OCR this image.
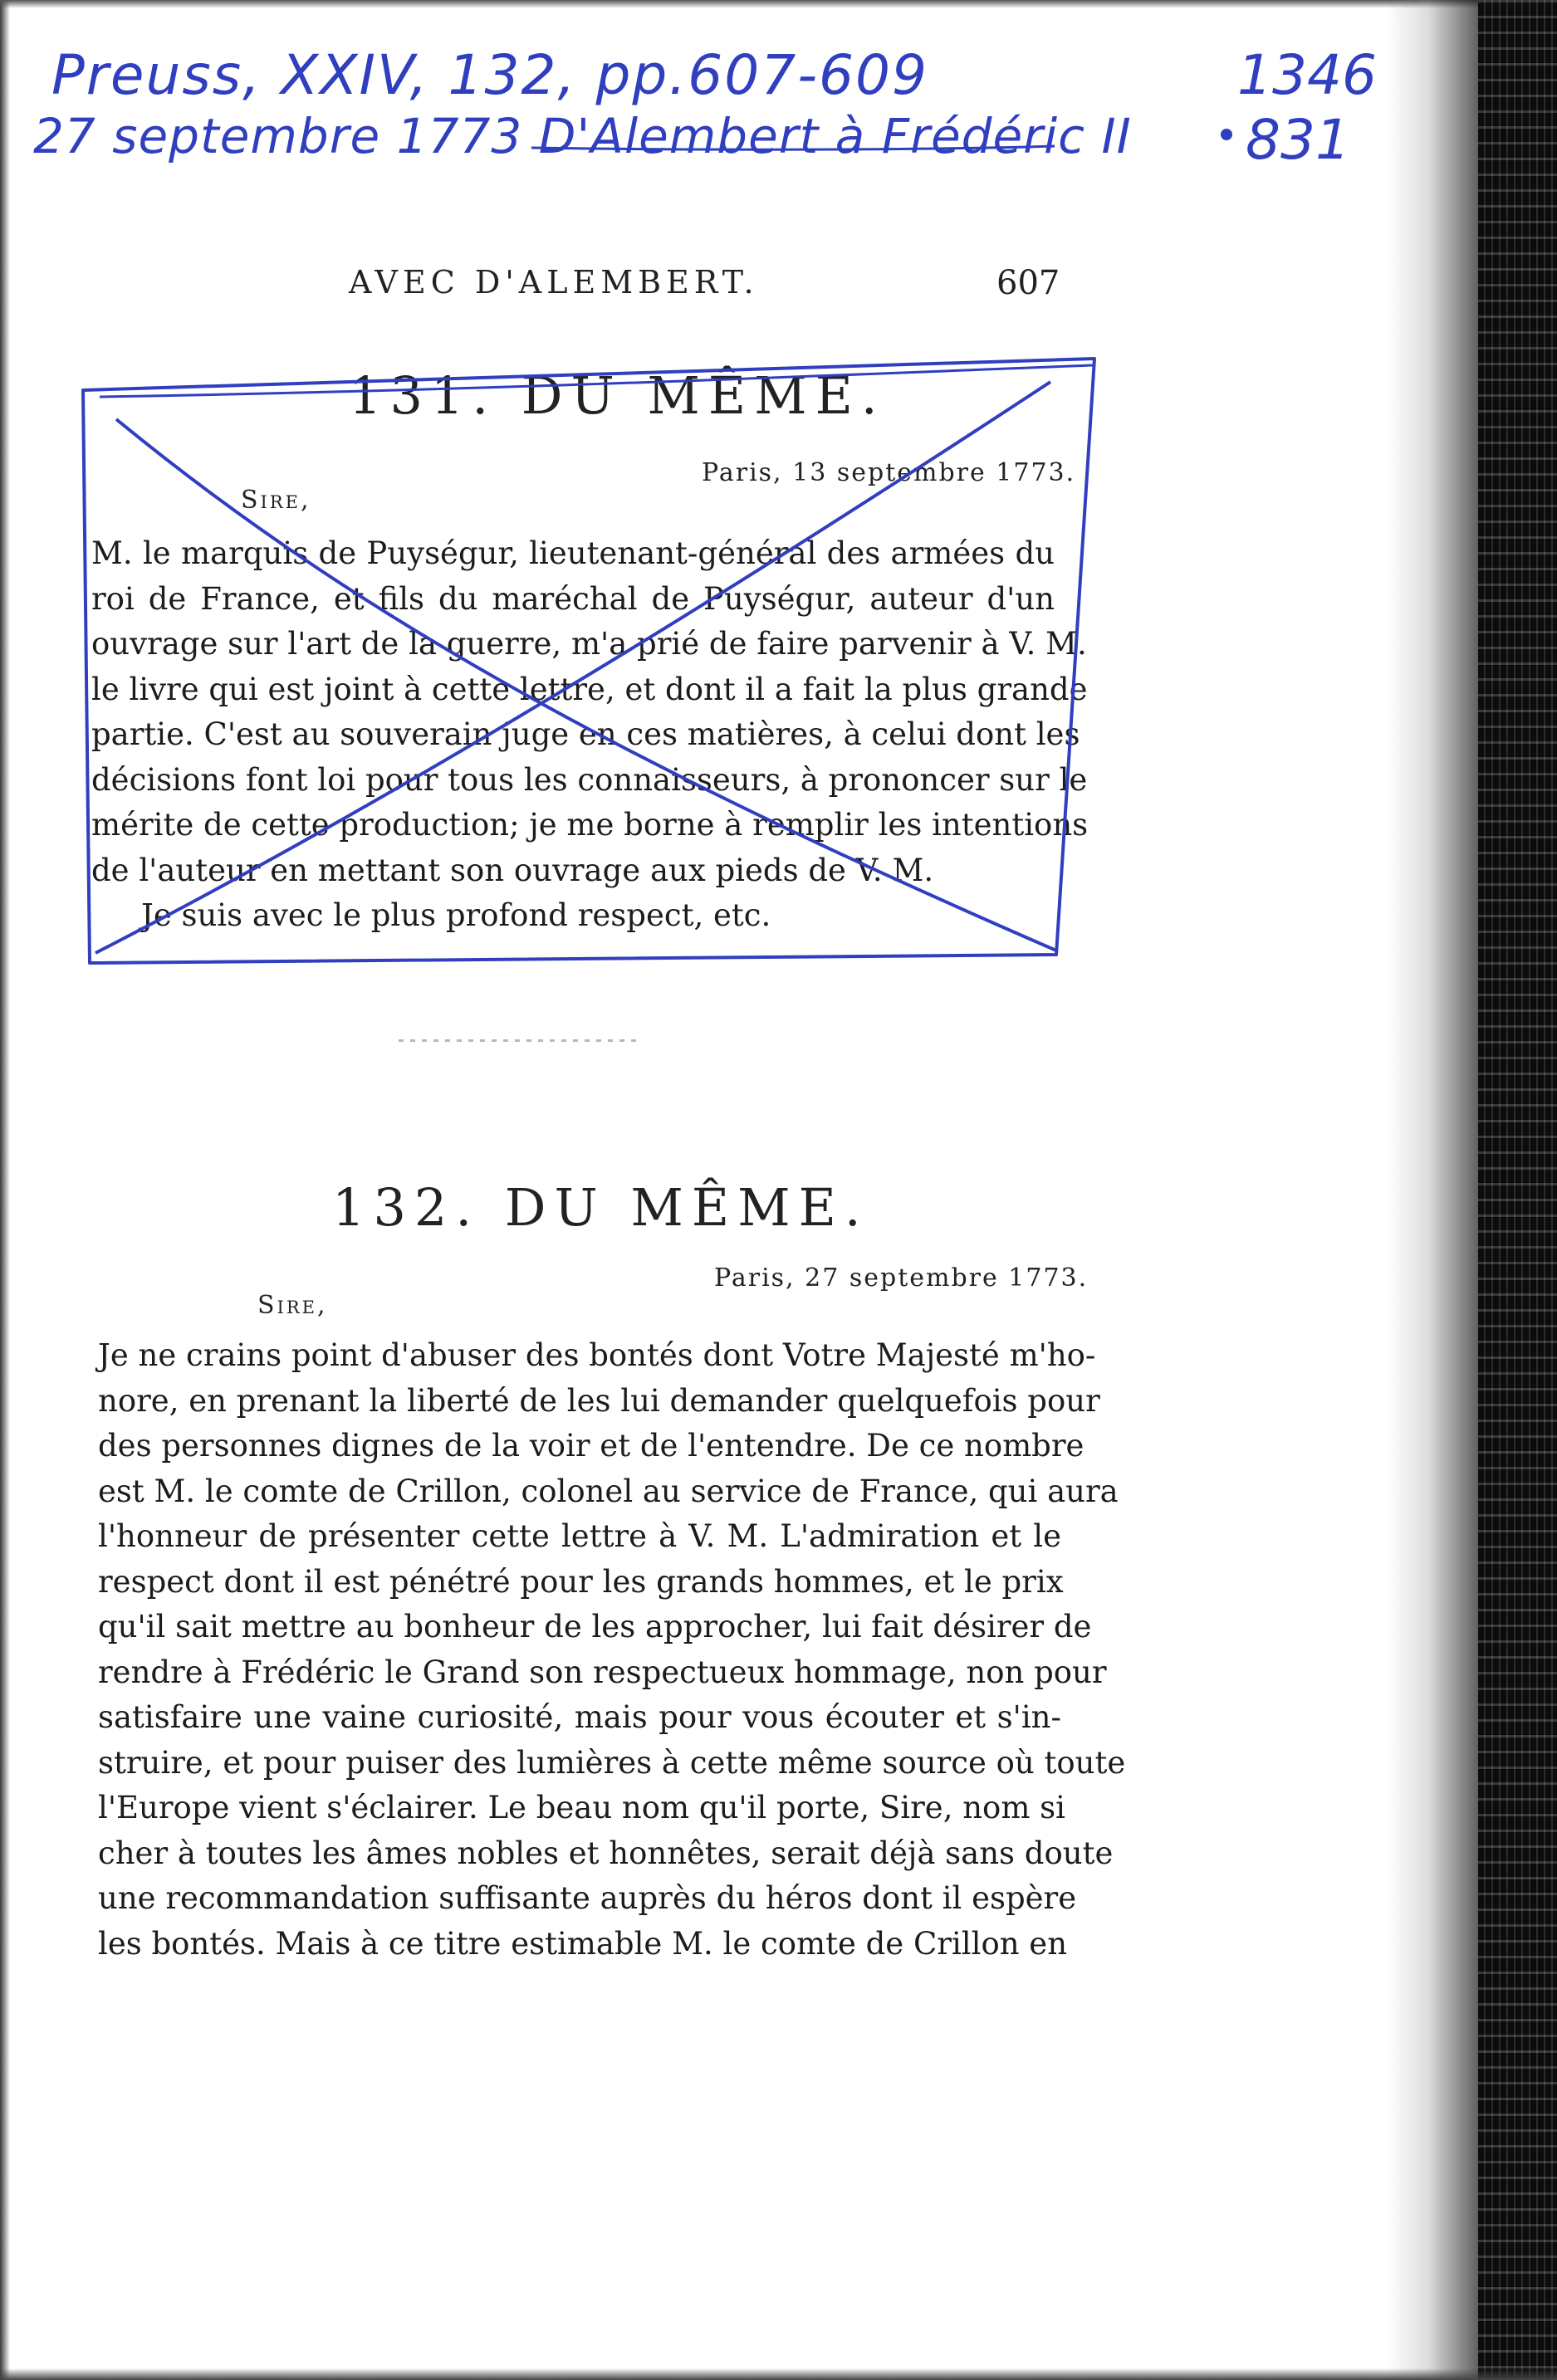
Preuss, XXIV, 132, pp.607-609
27 septembre 1773 D'Alembert à Frédéric II
1346
831
AVEC D'ALEMBERT.	607
131. DU MÊME.
Paris, 13 septembre 1773.
Sire,
M. le marquis de Puységur, lieutenant-général des armées du
roi de France, et fils du maréchal de Puységur, auteur d'un
ouvrage sur l'art de la guerre, m'a prié de faire parvenir à V. M.
le livre qui est joint à cette lettre, et dont il a fait la plus grande
partie. C'est au souverain juge en ces matières, à celui dont les
décisions font loi pour tous les connaisseurs, à prononcer sur le
mérite de cette production; je me borne à remplir les intentions
de l'auteur en mettant son ouvrage aux pieds de V. M.
Je suis avec le plus profond respect, etc.
132. DU MÊME.
Paris, 27 septembre 1773.
Sire,
Je ne crains point d'abuser des bontés dont Votre Majesté m'ho-
nore, en prenant la liberté de les lui demander quelquefois pour
des personnes dignes de la voir et de l'entendre. De ce nombre
est M. le comte de Crillon, colonel au service de France, qui aura
l'honneur de présenter cette lettre à V. M. L'admiration et le
respect dont il est pénétré pour les grands hommes, et le prix
qu'il sait mettre au bonheur de les approcher, lui fait désirer de
rendre à Frédéric le Grand son respectueux hommage, non pour
satisfaire une vaine curiosité, mais pour vous écouter et s'in-
struire, et pour puiser des lumières à cette même source où toute
l'Europe vient s'éclairer. Le beau nom qu'il porte, Sire, nom si
cher à toutes les âmes nobles et honnêtes, serait déjà sans doute
une recommandation suffisante auprès du héros dont il espère
les bontés. Mais à ce titre estimable M. le comte de Crillon en
